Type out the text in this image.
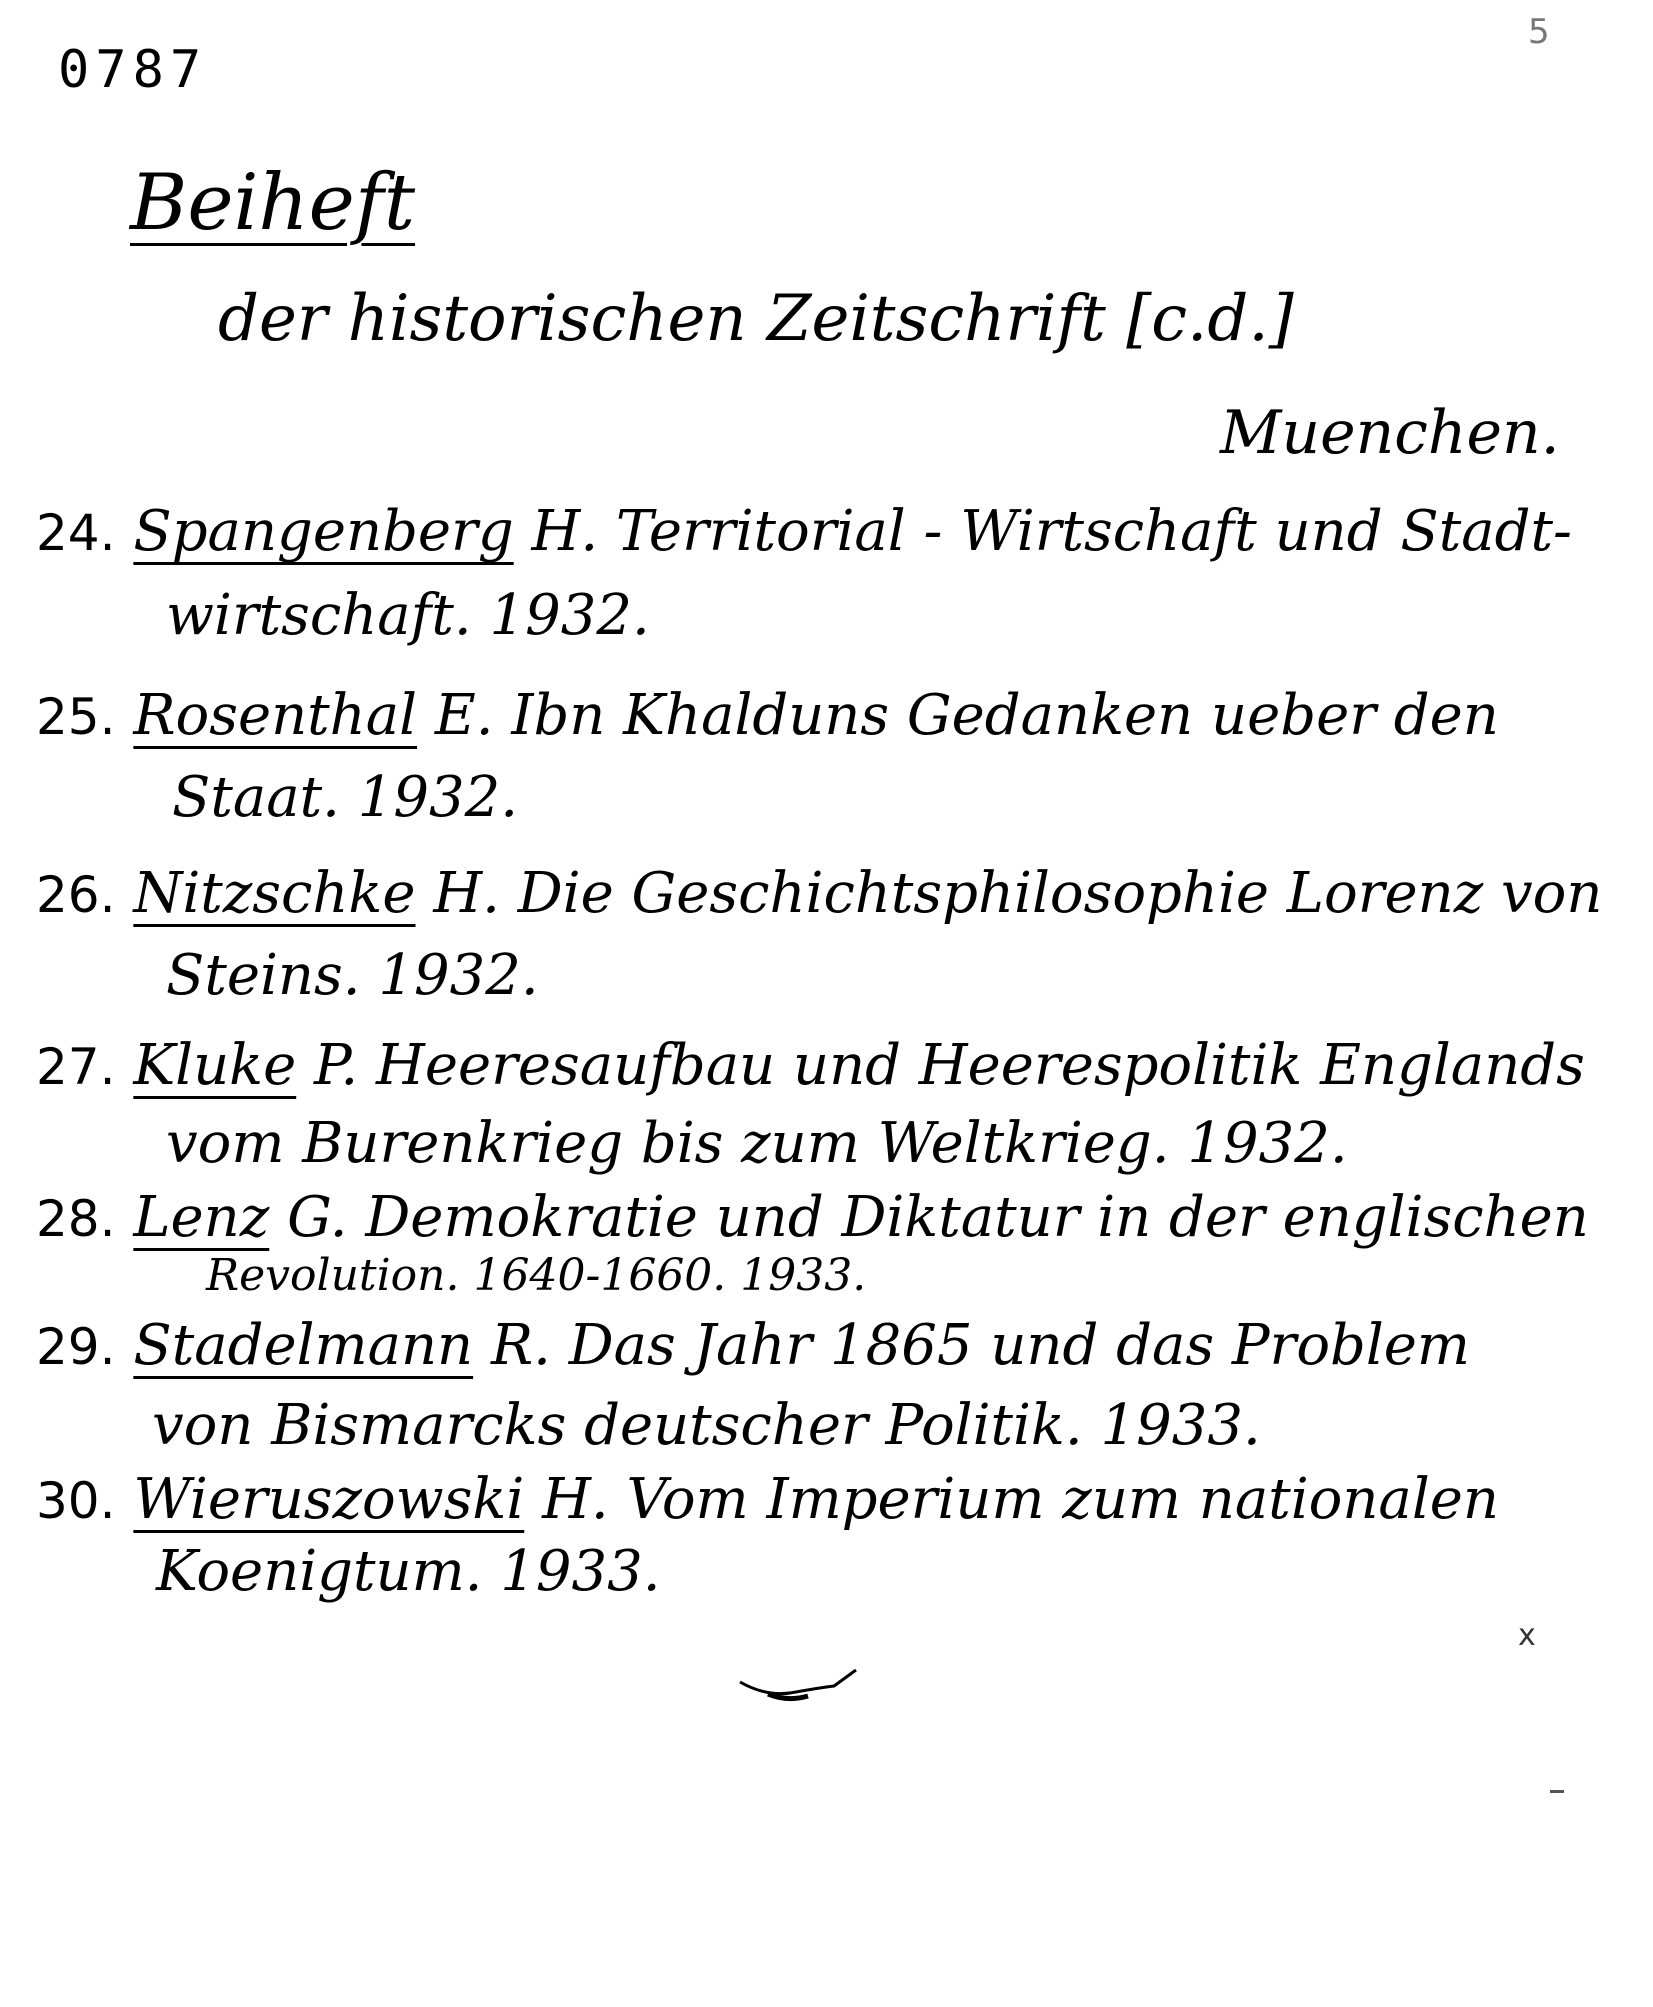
0787
5
Beiheft
der historischen Zeitschrift [c.d.]
Muenchen.
24. Spangenberg H. Territorial - Wirtschaft und Stadt-
wirtschaft. 1932.
25. Rosenthal E. Ibn Khalduns Gedanken ueber den
Staat. 1932.
26. Nitzschke H. Die Geschichtsphilosophie Lorenz von
Steins. 1932.
27. Kluke P. Heeresaufbau und Heerespolitik Englands
vom Burenkrieg bis zum Weltkrieg. 1932.
28. Lenz G. Demokratie und Diktatur in der englischen
Revolution. 1640-1660. 1933.
29. Stadelmann R. Das Jahr 1865 und das Problem
von Bismarcks deutscher Politik. 1933.
30. Wieruszowski H. Vom Imperium zum nationalen
Koenigtum. 1933.
x
